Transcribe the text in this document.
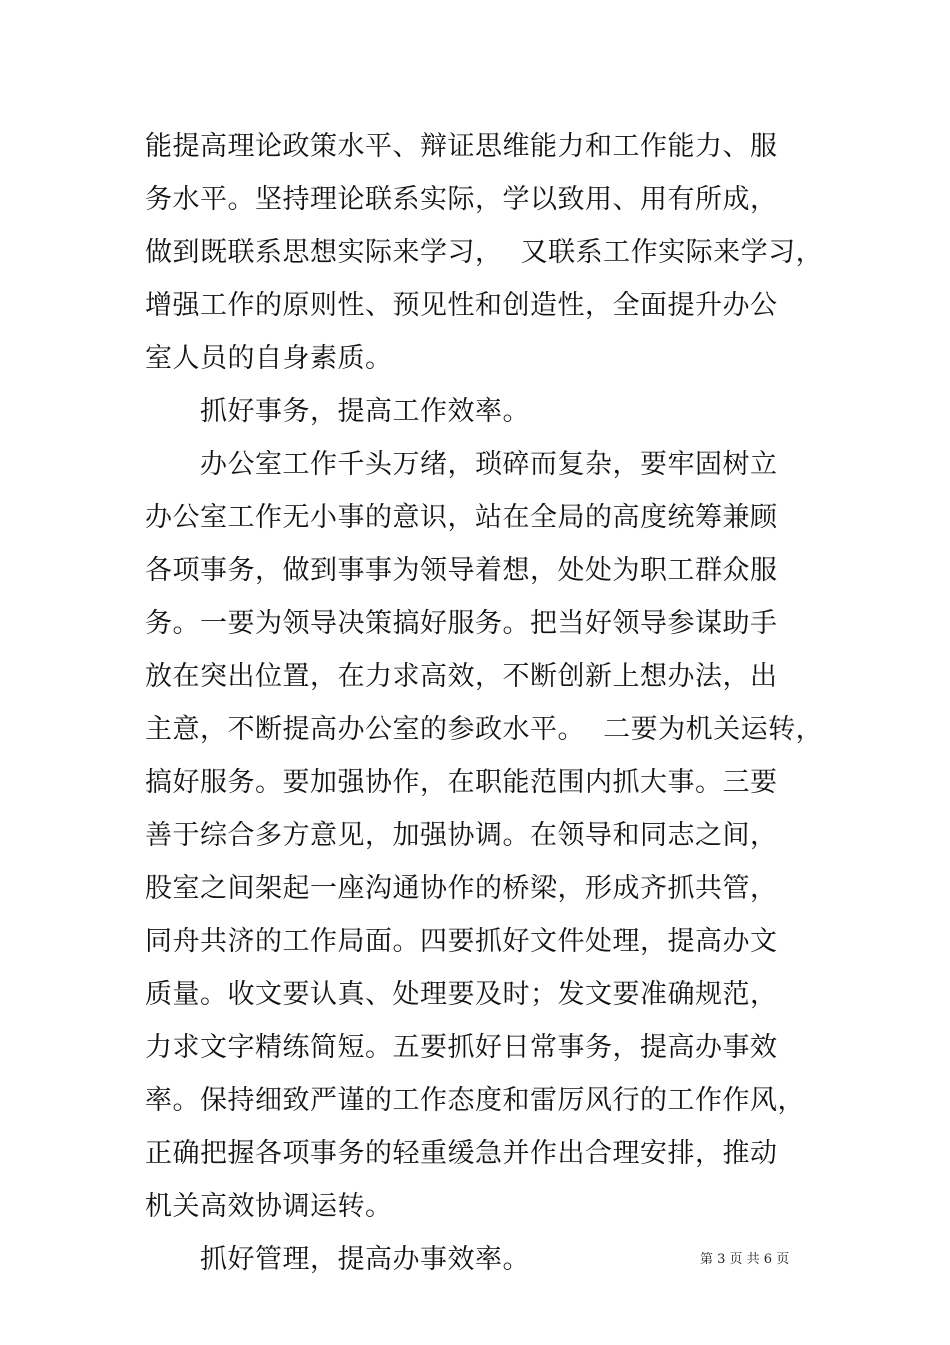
能提高理论政策水平、辩证思维能力和工作能力、服
务水平。坚持理论联系实际，学以致用、用有所成，
做到既联系思想实际来学习，  又联系工作实际来学习，
增强工作的原则性、预见性和创造性，全面提升办公
室人员的自身素质。
抓好事务，提高工作效率。
办公室工作千头万绪，琐碎而复杂，要牢固树立
办公室工作无小事的意识，站在全局的高度统筹兼顾
各项事务，做到事事为领导着想，处处为职工群众服
务。一要为领导决策搞好服务。把当好领导参谋助手
放在突出位置，在力求高效，不断创新上想办法，出
主意，不断提高办公室的参政水平。  二要为机关运转，
搞好服务。要加强协作，在职能范围内抓大事。三要
善于综合多方意见，加强协调。在领导和同志之间，
股室之间架起一座沟通协作的桥梁，形成齐抓共管，
同舟共济的工作局面。四要抓好文件处理，提高办文
质量。收文要认真、处理要及时；发文要准确规范，
力求文字精练简短。五要抓好日常事务，提高办事效
率。保持细致严谨的工作态度和雷厉风行的工作作风，
正确把握各项事务的轻重缓急并作出合理安排，推动
机关高效协调运转。
抓好管理，提高办事效率。	第 3 页 共 6 页
